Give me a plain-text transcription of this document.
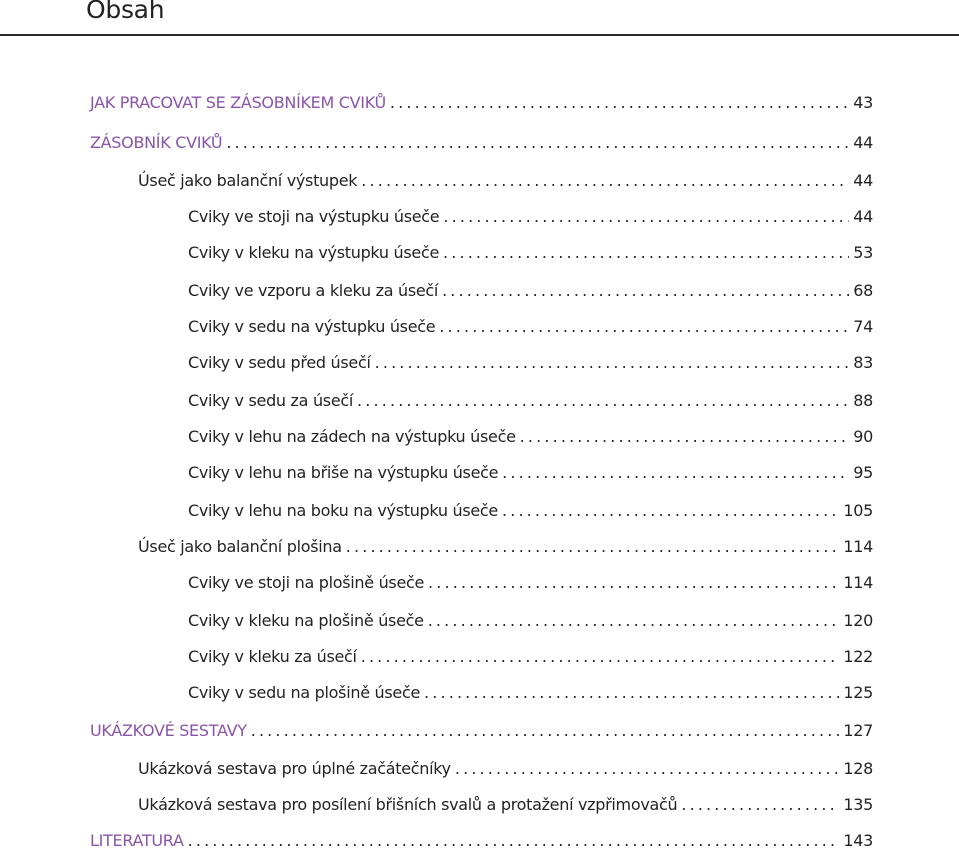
Obsah
JAK PRACOVAT SE ZÁSOBNÍKEM CVIKŮ .....	43
ZÁSOBNÍK CVIKŮ .....	44
Úseč jako balanční výstupek .....	44
Cviky ve stoji na výstupku úseče .....	44
Cviky v kleku na výstupku úseče .....	53
Cviky ve vzporu a kleku za úsečí .....	68
Cviky v sedu na výstupku úseče .....	74
Cviky v sedu před úsečí .....	83
Cviky v sedu za úsečí .....	88
Cviky v lehu na zádech na výstupku úseče .....	90
Cviky v lehu na břiše na výstupku úseče .....	95
Cviky v lehu na boku na výstupku úseče .....	105
Úseč jako balanční plošina .....	114
Cviky ve stoji na plošině úseče .....	114
Cviky v kleku na plošině úseče .....	120
Cviky v kleku za úsečí .....	122
Cviky v sedu na plošině úseče .....	125
UKÁZKOVÉ SESTAVY .....	127
Ukázková sestava pro úplné začátečníky .....	128
Ukázková sestava pro posílení břišních svalů a protažení vzpřimovačů .....	135
LITERATURA .....	143
